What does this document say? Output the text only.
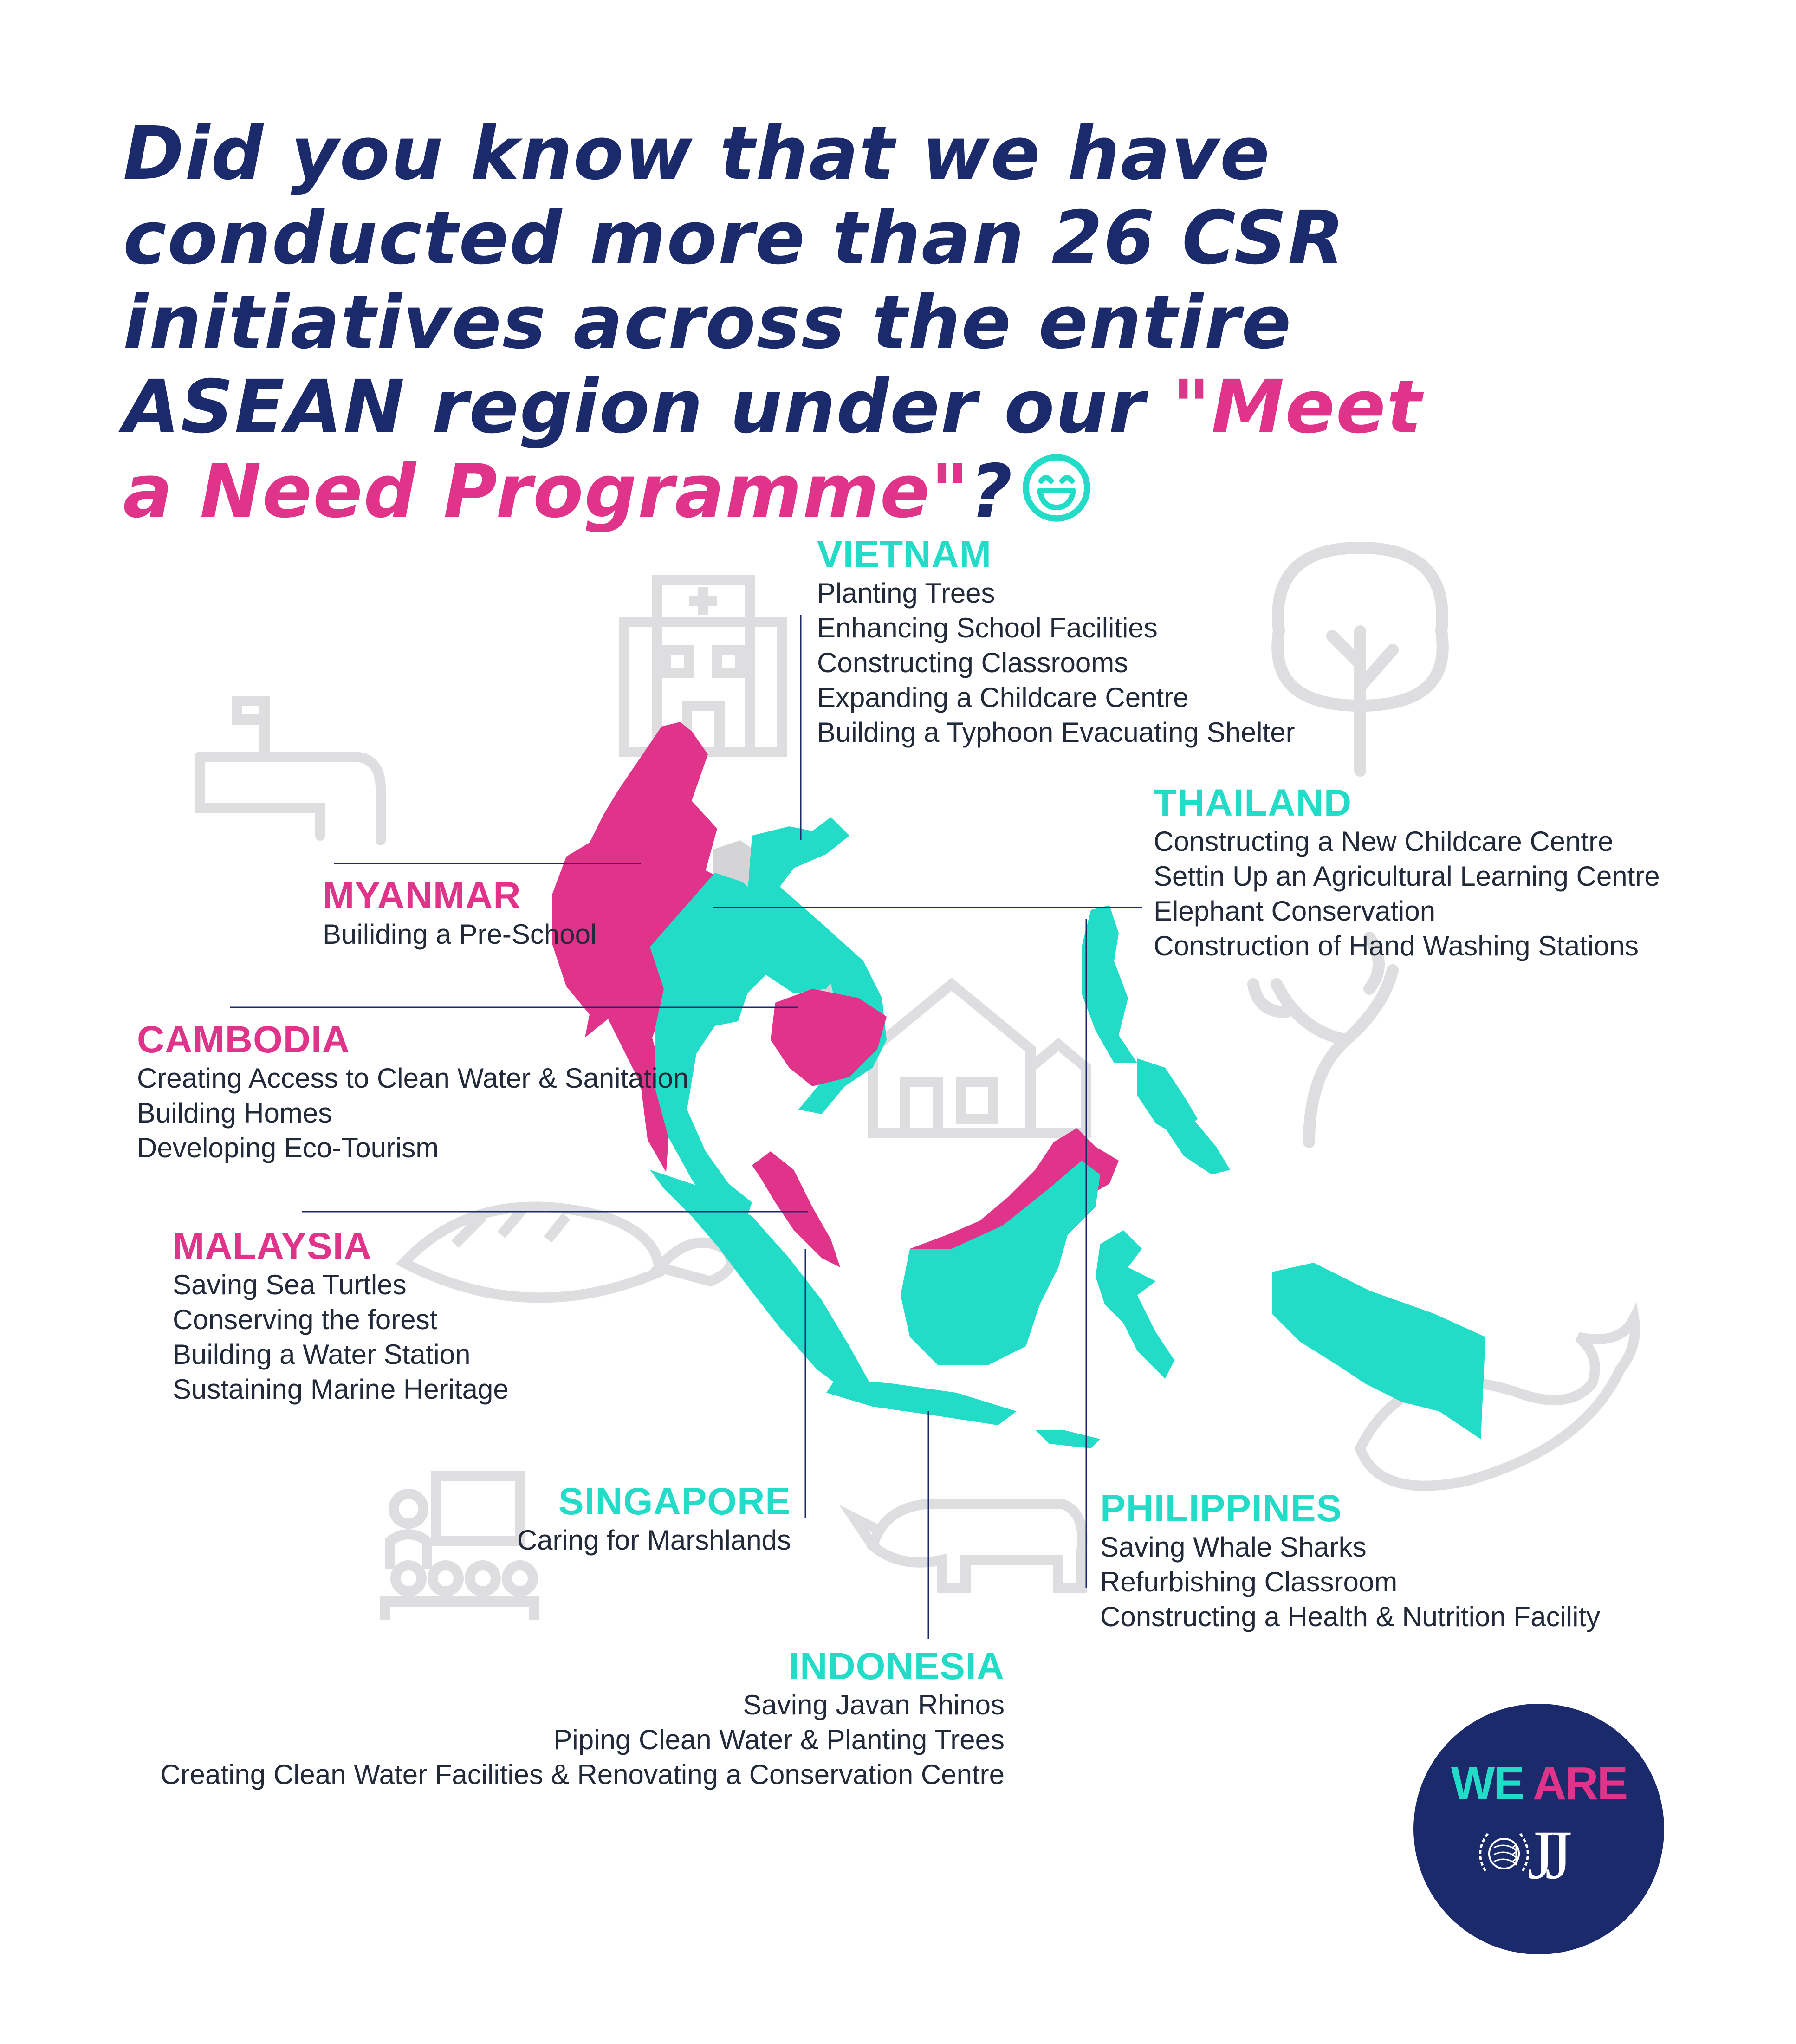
Did you know that we have conducted more than 26 CSR initiatives across the entire ASEAN region under our "Meet a Need Programme"?

VIETNAM
Planting Trees
Enhancing School Facilities
Constructing Classrooms
Expanding a Childcare Centre
Building a Typhoon Evacuating Shelter
THAILAND
Constructing a New Childcare Centre
Settin Up an Agricultural Learning Centre
Elephant Conservation
Construction of Hand Washing Stations
MYANMAR
Builiding a Pre-School
CAMBODIA
Creating Access to Clean Water & Sanitation
Building Homes
Developing Eco-Tourism
MALAYSIA
Saving Sea Turtles
Conserving the forest
Building a Water Station
Sustaining Marine Heritage
SINGAPORE
Caring for Marshlands
PHILIPPINES
Saving Whale Sharks
Refurbishing Classroom
Constructing a Health & Nutrition Facility
INDONESIA
Saving Javan Rhinos
Piping Clean Water & Planting Trees
Creating Clean Water Facilities & Renovating a Conservation Centre	WE ARE
JJ
